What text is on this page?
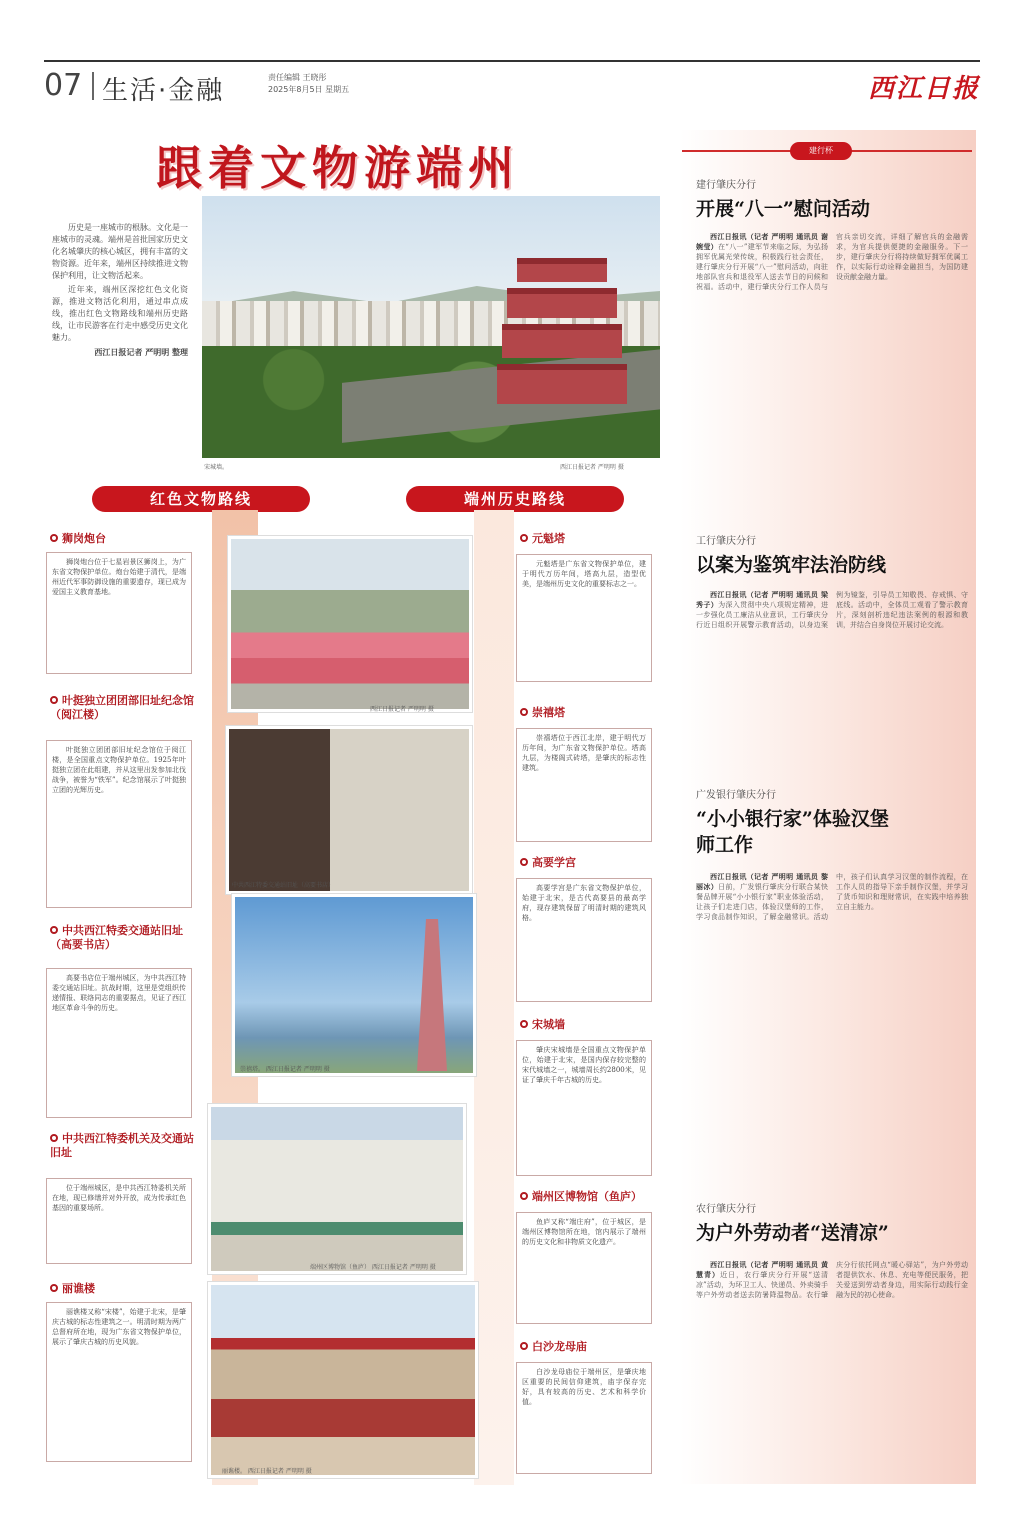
07 生活·金融	责任编辑 王晓彤
2025年8月5日 星期五	西江日报
跟着文物游端州

历史是一座城市的根脉。文化是一座城市的灵魂。端州是首批国家历史文化名城肇庆的核心城区，拥有丰富的文物资源。近年来，端州区持续推进文物保护利用，让文物活起来。

近年来，端州区深挖红色文化资源，推进文物活化利用，通过串点成线，推出红色文物路线和端州历史路线，让市民游客在行走中感受历史文化魅力。

西江日报记者 严明明 整理

宋城墙。	西江日报记者 严明明 摄
红色文物路线	端州历史路线
狮岗炮台

狮岗炮台位于七星岩景区狮岗上，为广东省文物保护单位。炮台始建于清代，是端州近代军事防御设施的重要遗存，现已成为爱国主义教育基地。

叶挺独立团团部旧址纪念馆（阅江楼）

叶挺独立团团部旧址纪念馆位于阅江楼，是全国重点文物保护单位。1925年叶挺独立团在此组建，并从这里出发参加北伐战争，被誉为“铁军”。纪念馆展示了叶挺独立团的光辉历史。

中共西江特委交通站旧址（高要书店）

高要书店位于端州城区，为中共西江特委交通站旧址。抗战时期，这里是党组织传递情报、联络同志的重要据点，见证了西江地区革命斗争的历史。

中共西江特委机关及交通站旧址

位于端州城区，是中共西江特委机关所在地，现已修缮并对外开放，成为传承红色基因的重要场所。

丽谯楼

丽谯楼又称“宋楼”，始建于北宋，是肇庆古城的标志性建筑之一。明清时期为两广总督府所在地，现为广东省文物保护单位，展示了肇庆古城的历史风貌。

西江日报记者 严明明 摄
中共西江特委交通站旧址（高要书店）
崇禧塔。 西江日报记者 严明明 摄
端州区博物馆（鱼庐） 西江日报记者 严明明 摄
丽谯楼。 西江日报记者 严明明 摄
元魁塔

元魁塔是广东省文物保护单位，建于明代万历年间，塔高九层，造型优美，是端州历史文化的重要标志之一。

崇禧塔

崇禧塔位于西江北岸，建于明代万历年间，为广东省文物保护单位。塔高九层，为楼阁式砖塔，是肇庆的标志性建筑。

高要学宫

高要学宫是广东省文物保护单位，始建于北宋，是古代高要县的最高学府，现存建筑保留了明清时期的建筑风格。

宋城墙

肇庆宋城墙是全国重点文物保护单位，始建于北宋，是国内保存较完整的宋代城墙之一，城墙周长约2800米，见证了肇庆千年古城的历史。

端州区博物馆（鱼庐）

鱼庐又称“端庄府”，位于城区，是端州区博物馆所在地，馆内展示了端州的历史文化和非物质文化遗产。

白沙龙母庙

白沙龙母庙位于端州区，是肇庆地区重要的民间信仰建筑，庙宇保存完好，具有较高的历史、艺术和科学价值。

建行杯
建行肇庆分行
开展“八一”慰问活动

西江日报讯（记者 严明明 通讯员 谢婉莹）在“八一”建军节来临之际，为弘扬拥军优属光荣传统，积极践行社会责任，建行肇庆分行开展“八一”慰问活动，向驻地部队官兵和退役军人送去节日的问候和祝福。活动中，建行肇庆分行工作人员与官兵亲切交流，详细了解官兵的金融需求，为官兵提供便捷的金融服务。下一步，建行肇庆分行将持续做好拥军优属工作，以实际行动诠释金融担当，为国防建设贡献金融力量。

工行肇庆分行
以案为鉴筑牢法治防线

西江日报讯（记者 严明明 通讯员 梁秀子）为深入贯彻中央八项规定精神，进一步强化员工廉洁从业意识，工行肇庆分行近日组织开展警示教育活动，以身边案例为镜鉴，引导员工知敬畏、存戒惧、守底线。活动中，全体员工观看了警示教育片，深刻剖析违纪违法案例的根源和教训，并结合自身岗位开展讨论交流。

广发银行肇庆分行
“小小银行家”体验汉堡师工作

西江日报讯（记者 严明明 通讯员 黎丽冰）日前，广发银行肇庆分行联合某快餐品牌开展“小小银行家”职业体验活动，让孩子们走进门店，体验汉堡师的工作，学习食品制作知识，了解金融常识。活动中，孩子们认真学习汉堡的制作流程，在工作人员的指导下亲手制作汉堡，并学习了货币知识和理财常识，在实践中培养独立自主能力。

农行肇庆分行
为户外劳动者“送清凉”

西江日报讯（记者 严明明 通讯员 黄慧青）近日，农行肇庆分行开展“送清凉”活动，为环卫工人、快递员、外卖骑手等户外劳动者送去防暑降温物品。农行肇庆分行依托网点“暖心驿站”，为户外劳动者提供饮水、休息、充电等便民服务，把关爱送到劳动者身边，用实际行动践行金融为民的初心使命。
